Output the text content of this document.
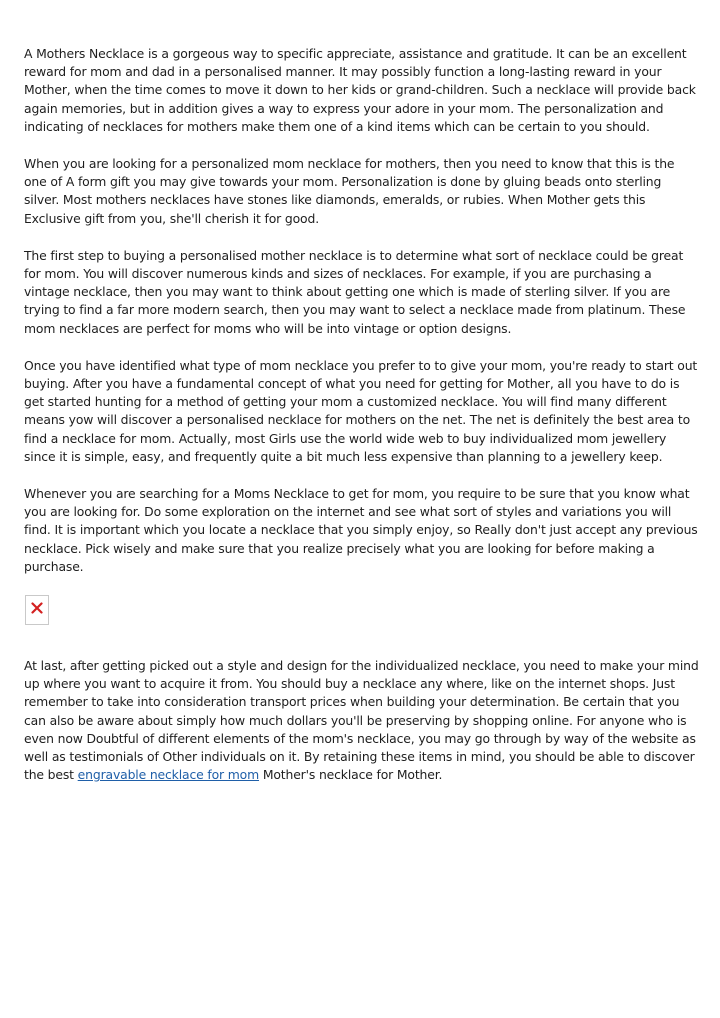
A Mothers Necklace is a gorgeous way to specific appreciate, assistance and gratitude. It can be an excellent reward for mom and dad in a personalised manner. It may possibly function a long-lasting reward in your Mother, when the time comes to move it down to her kids or grand-children. Such a necklace will provide back again memories, but in addition gives a way to express your adore in your mom. The personalization and indicating of necklaces for mothers make them one of a kind items which can be certain to you should.

When you are looking for a personalized mom necklace for mothers, then you need to know that this is the one of A form gift you may give towards your mom. Personalization is done by gluing beads onto sterling silver. Most mothers necklaces have stones like diamonds, emeralds, or rubies. When Mother gets this Exclusive gift from you, she'll cherish it for good.

The first step to buying a personalised mother necklace is to determine what sort of necklace could be great for mom. You will discover numerous kinds and sizes of necklaces. For example, if you are purchasing a vintage necklace, then you may want to think about getting one which is made of sterling silver. If you are trying to find a far more modern search, then you may want to select a necklace made from platinum. These mom necklaces are perfect for moms who will be into vintage or option designs.

Once you have identified what type of mom necklace you prefer to to give your mom, you're ready to start out buying. After you have a fundamental concept of what you need for getting for Mother, all you have to do is get started hunting for a method of getting your mom a customized necklace. You will find many different means yow will discover a personalised necklace for mothers on the net. The net is definitely the best area to find a necklace for mom. Actually, most Girls use the world wide web to buy individualized mom jewellery since it is simple, easy, and frequently quite a bit much less expensive than planning to a jewellery keep.

Whenever you are searching for a Moms Necklace to get for mom, you require to be sure that you know what you are looking for. Do some exploration on the internet and see what sort of styles and variations you will find. It is important which you locate a necklace that you simply enjoy, so Really don't just accept any previous necklace. Pick wisely and make sure that you realize precisely what you are looking for before making a purchase.

At last, after getting picked out a style and design for the individualized necklace, you need to make your mind up where you want to acquire it from. You should buy a necklace any where, like on the internet shops. Just remember to take into consideration transport prices when building your determination. Be certain that you can also be aware about simply how much dollars you'll be preserving by shopping online. For anyone who is even now Doubtful of different elements of the mom's necklace, you may go through by way of the website as well as testimonials of Other individuals on it. By retaining these items in mind, you should be able to discover the best engravable necklace for mom Mother's necklace for Mother.
